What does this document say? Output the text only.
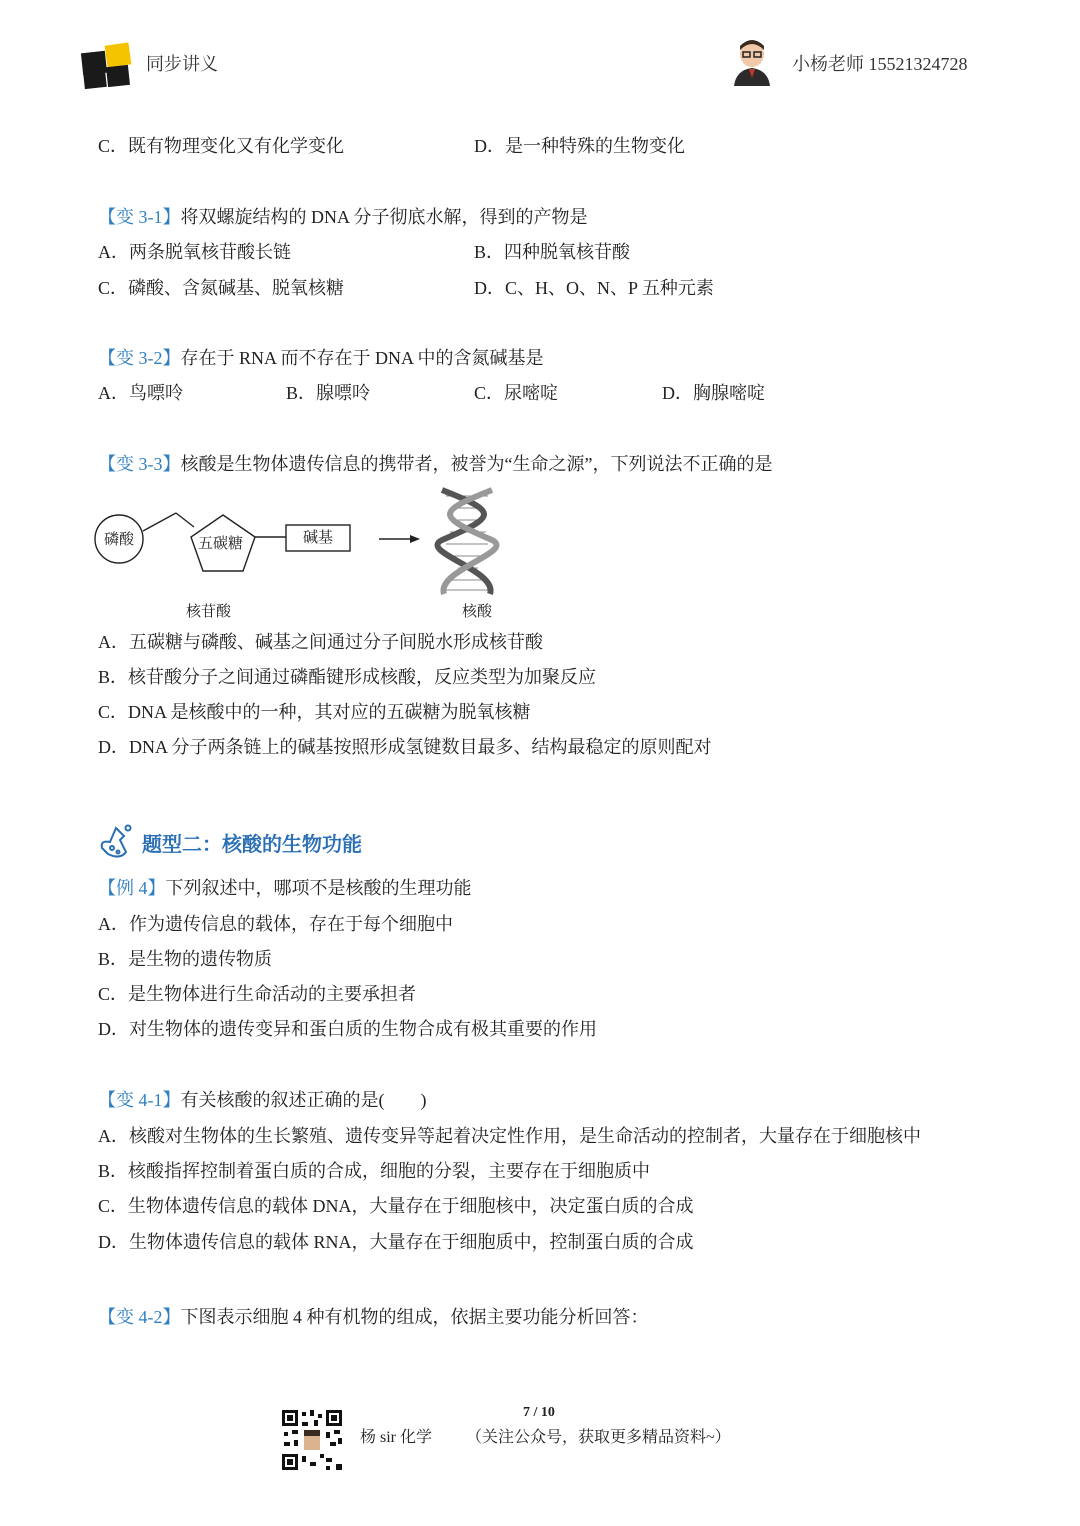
同步讲义	小杨老师 15521324728
C．既有物理变化又有化学变化	D．是一种特殊的生物变化
【变 3-1】将双螺旋结构的 DNA 分子彻底水解，得到的产物是
A．两条脱氧核苷酸长链	B．四种脱氧核苷酸
C．磷酸、含氮碱基、脱氧核糖	D．C、H、O、N、P 五种元素
【变 3-2】存在于 RNA 而不存在于 DNA 中的含氮碱基是
A．鸟嘌呤	B．腺嘌呤	C．尿嘧啶	D．胸腺嘧啶
【变 3-3】核酸是生物体遗传信息的携带者，被誉为“生命之源”，下列说法不正确的是
磷酸	五碳糖	碱基
核苷酸	核酸
A．五碳糖与磷酸、碱基之间通过分子间脱水形成核苷酸
B．核苷酸分子之间通过磷酯键形成核酸，反应类型为加聚反应
C．DNA 是核酸中的一种，其对应的五碳糖为脱氧核糖
D．DNA 分子两条链上的碱基按照形成氢键数目最多、结构最稳定的原则配对
题型二：核酸的生物功能
【例 4】下列叙述中，哪项不是核酸的生理功能
A．作为遗传信息的载体，存在于每个细胞中
B．是生物的遗传物质
C．是生物体进行生命活动的主要承担者
D．对生物体的遗传变异和蛋白质的生物合成有极其重要的作用
【变 4-1】有关核酸的叙述正确的是(　　)
A．核酸对生物体的生长繁殖、遗传变异等起着决定性作用，是生命活动的控制者，大量存在于细胞核中
B．核酸指挥控制着蛋白质的合成，细胞的分裂，主要存在于细胞质中
C．生物体遗传信息的载体 DNA，大量存在于细胞核中，决定蛋白质的合成
D．生物体遗传信息的载体 RNA，大量存在于细胞质中，控制蛋白质的合成
【变 4-2】下图表示细胞 4 种有机物的组成，依据主要功能分析回答：
杨 sir 化学
7 / 10
（关注公众号，获取更多精品资料~）
